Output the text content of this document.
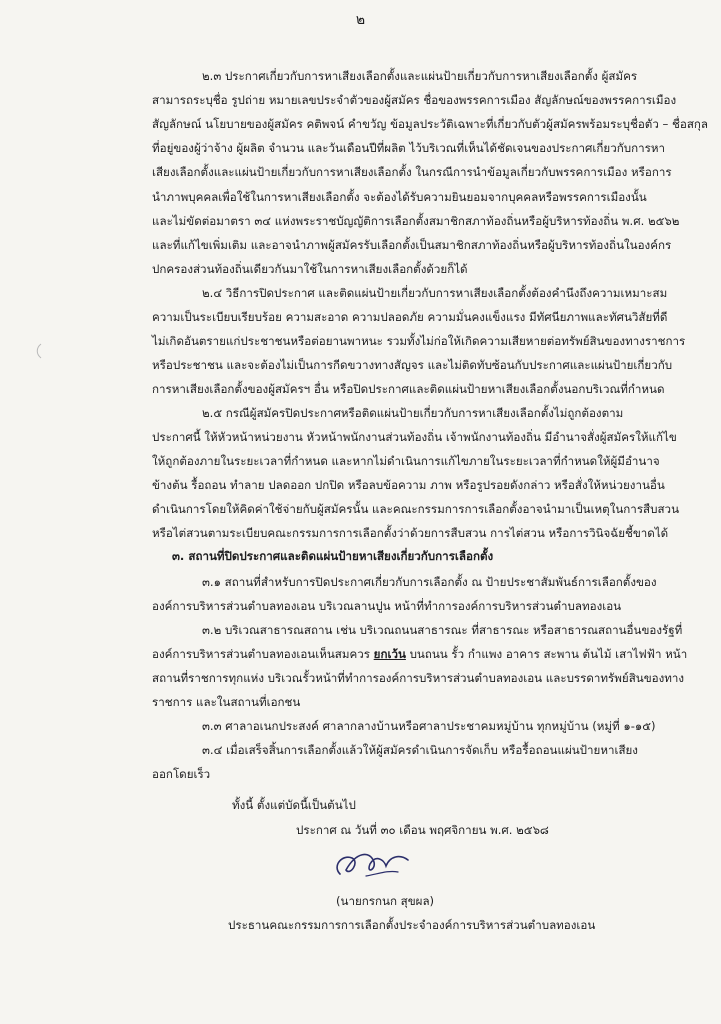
๒
๒.๓ ประกาศเกี่ยวกับการหาเสียงเลือกตั้งและแผ่นป้ายเกี่ยวกับการหาเสียงเลือกตั้ง ผู้สมัคร
สามารถระบุชื่อ รูปถ่าย หมายเลขประจำตัวของผู้สมัคร ชื่อของพรรคการเมือง สัญลักษณ์ของพรรคการเมือง
สัญลักษณ์ นโยบายของผู้สมัคร คติพจน์ คำขวัญ ข้อมูลประวัติเฉพาะที่เกี่ยวกับตัวผู้สมัครพร้อมระบุชื่อตัว – ชื่อสกุล
ที่อยู่ของผู้ว่าจ้าง ผู้ผลิต จำนวน และวันเดือนปีที่ผลิต ไว้บริเวณที่เห็นได้ชัดเจนของประกาศเกี่ยวกับการหา
เสียงเลือกตั้งและแผ่นป้ายเกี่ยวกับการหาเสียงเลือกตั้ง ในกรณีการนำข้อมูลเกี่ยวกับพรรคการเมือง หรือการ
นำภาพบุคคลเพื่อใช้ในการหาเสียงเลือกตั้ง จะต้องได้รับความยินยอมจากบุคคลหรือพรรคการเมืองนั้น
และไม่ขัดต่อมาตรา ๓๔ แห่งพระราชบัญญัติการเลือกตั้งสมาชิกสภาท้องถิ่นหรือผู้บริหารท้องถิ่น พ.ศ. ๒๕๖๒
และที่แก้ไขเพิ่มเติม และอาจนำภาพผู้สมัครรับเลือกตั้งเป็นสมาชิกสภาท้องถิ่นหรือผู้บริหารท้องถิ่นในองค์กร
ปกครองส่วนท้องถิ่นเดียวกันมาใช้ในการหาเสียงเลือกตั้งด้วยก็ได้
๒.๔ วิธีการปิดประกาศ และติดแผ่นป้ายเกี่ยวกับการหาเสียงเลือกตั้งต้องคำนึงถึงความเหมาะสม
ความเป็นระเบียบเรียบร้อย ความสะอาด ความปลอดภัย ความมั่นคงแข็งแรง มีทัศนียภาพและทัศนวิสัยที่ดี
ไม่เกิดอันตรายแก่ประชาชนหรือต่อยานพาหนะ รวมทั้งไม่ก่อให้เกิดความเสียหายต่อทรัพย์สินของทางราชการ
หรือประชาชน และจะต้องไม่เป็นการกีดขวางทางสัญจร และไม่ติดทับซ้อนกับประกาศและแผ่นป้ายเกี่ยวกับ
การหาเสียงเลือกตั้งของผู้สมัครฯ อื่น หรือปิดประกาศและติดแผ่นป้ายหาเสียงเลือกตั้งนอกบริเวณที่กำหนด
๒.๕ กรณีผู้สมัครปิดประกาศหรือติดแผ่นป้ายเกี่ยวกับการหาเสียงเลือกตั้งไม่ถูกต้องตาม
ประกาศนี้ ให้หัวหน้าหน่วยงาน หัวหน้าพนักงานส่วนท้องถิ่น เจ้าพนักงานท้องถิ่น มีอำนาจสั่งผู้สมัครให้แก้ไข
ให้ถูกต้องภายในระยะเวลาที่กำหนด และหากไม่ดำเนินการแก้ไขภายในระยะเวลาที่กำหนดให้ผู้มีอำนาจ
ข้างต้น รื้อถอน ทำลาย ปลดออก ปกปิด หรือลบข้อความ ภาพ หรือรูปรอยดังกล่าว หรือสั่งให้หน่วยงานอื่น
ดำเนินการโดยให้คิดค่าใช้จ่ายกับผู้สมัครนั้น และคณะกรรมการการเลือกตั้งอาจนำมาเป็นเหตุในการสืบสวน
หรือไต่สวนตามระเบียบคณะกรรมการการเลือกตั้งว่าด้วยการสืบสวน การไต่สวน หรือการวินิจฉัยชี้ขาดได้
๓. สถานที่ปิดประกาศและติดแผ่นป้ายหาเสียงเกี่ยวกับการเลือกตั้ง
๓.๑ สถานที่สำหรับการปิดประกาศเกี่ยวกับการเลือกตั้ง ณ ป้ายประชาสัมพันธ์การเลือกตั้งของ
องค์การบริหารส่วนตำบลทองเอน บริเวณลานปูน หน้าที่ทำการองค์การบริหารส่วนตำบลทองเอน
๓.๒ บริเวณสาธารณสถาน เช่น บริเวณถนนสาธารณะ ที่สาธารณะ หรือสาธารณสถานอื่นของรัฐที่
องค์การบริหารส่วนตำบลทองเอนเห็นสมควร ยกเว้น บนถนน รั้ว กำแพง อาคาร สะพาน ต้นไม้ เสาไฟฟ้า หน้า
สถานที่ราชการทุกแห่ง บริเวณรั้วหน้าที่ทำการองค์การบริหารส่วนตำบลทองเอน และบรรดาทรัพย์สินของทาง
ราชการ และในสถานที่เอกชน
๓.๓ ศาลาอเนกประสงค์ ศาลากลางบ้านหรือศาลาประชาคมหมู่บ้าน ทุกหมู่บ้าน (หมู่ที่ ๑-๑๕)
๓.๔ เมื่อเสร็จสิ้นการเลือกตั้งแล้วให้ผู้สมัครดำเนินการจัดเก็บ หรือรื้อถอนแผ่นป้ายหาเสียง
ออกโดยเร็ว
ทั้งนี้ ตั้งแต่บัดนี้เป็นต้นไป
ประกาศ ณ วันที่ ๓๐ เดือน พฤศจิกายน พ.ศ. ๒๕๖๘
(นายกรกนก สุขผล)
ประธานคณะกรรมการการเลือกตั้งประจำองค์การบริหารส่วนตำบลทองเอน
